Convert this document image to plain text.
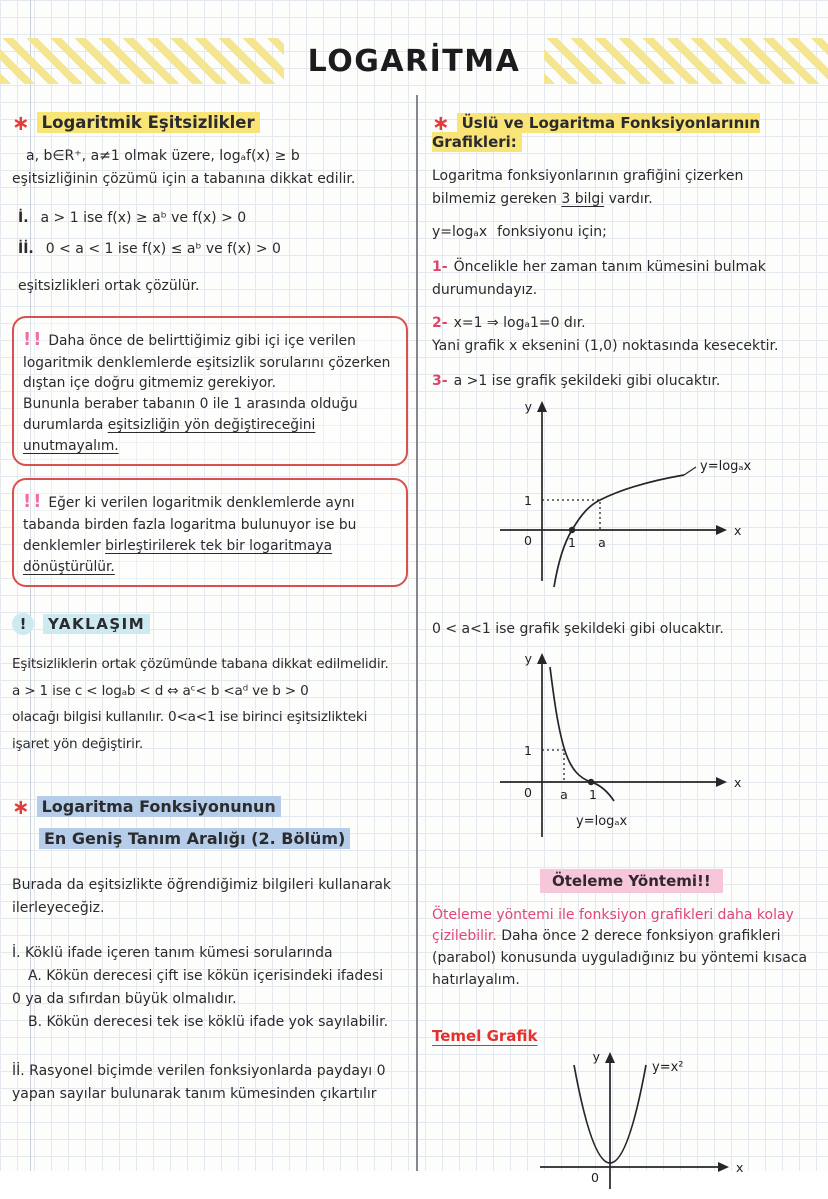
LOGARİTMA
∗ Logaritmik Eşitsizlikler

a, b∈R⁺, a≠1 olmak üzere, logₐf(x) ≥ b

eşitsizliğinin çözümü için a tabanına dikkat edilir.

İ. a > 1 ise f(x) ≥ aᵇ ve f(x) > 0

İİ. 0 < a < 1 ise f(x) ≤ aᵇ ve f(x) > 0

eşitsizlikleri ortak çözülür.

!! Daha önce de belirttiğimiz gibi içi içe verilen logaritmik denklemlerde eşitsizlik sorularını çözerken dıştan içe doğru gitmemiz gerekiyor.

Bununla beraber tabanın 0 ile 1 arasında olduğu durumlarda eşitsizliğin yön değiştireceğini unutmayalım.

!! Eğer ki verilen logaritmik denklemlerde aynı tabanda birden fazla logaritma bulunuyor ise bu denklemler birleştirilerek tek bir logaritmaya dönüştürülür.

!	YAKLAŞIM

Eşitsizliklerin ortak çözümünde tabana dikkat edilmelidir.

a > 1 ise c < logₐb < d ⇔ aᶜ< b <aᵈ ve b > 0

olacağı bilgisi kullanılır. 0<a<1 ise birinci eşitsizlikteki

işaret yön değiştirir.

∗ Logaritma Fonksiyonunun
En Geniş Tanım Aralığı (2. Bölüm)

Burada da eşitsizlikte öğrendiğimiz bilgileri kullanarak

ilerleyeceğiz.

İ. Köklü ifade içeren tanım kümesi sorularında

A. Kökün derecesi çift ise kökün içerisindeki ifadesi

0 ya da sıfırdan büyük olmalıdır.

B. Kökün derecesi tek ise köklü ifade yok sayılabilir.

İİ. Rasyonel biçimde verilen fonksiyonlarda paydayı 0

yapan sayılar bulunarak tanım kümesinden çıkartılır

∗ Üslü ve Logaritma Fonksiyonlarının Grafikleri:

Logaritma fonksiyonlarının grafiğini çizerken

bilmemiz gereken 3 bilgi vardır.

y=logₐx fonksiyonu için;

1- Öncelikle her zaman tanım kümesini bulmak

durumundayız.

2- x=1 ⇒ logₐ1=0 dır.

Yani grafik x eksenini (1,0) noktasında kesecektir.

3- a >1 ise grafik şekildeki gibi olucaktır.

y
x
0	1 a
1
y=logₐx

0 < a<1 ise grafik şekildeki gibi olucaktır.

y
x
0 a 1
1
y=logₐx
Öteleme Yöntemi!!

Öteleme yöntemi ile fonksiyon grafikleri daha kolay çizilebilir. Daha önce 2 derece fonksiyon grafikleri (parabol) konusunda uyguladığınız bu yöntemi kısaca hatırlayalım.

Temel Grafik
y
x
0
y=x²
